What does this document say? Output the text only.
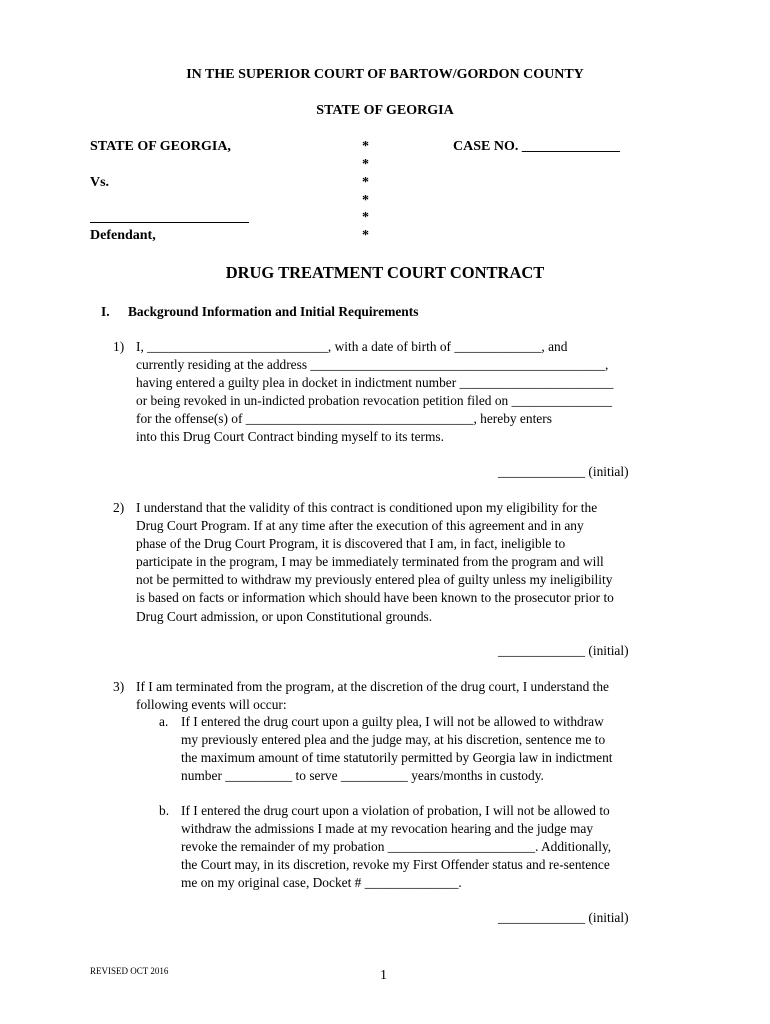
IN THE SUPERIOR COURT OF BARTOW/GORDON COUNTY
STATE OF GEORGIA
STATE OF GEORGIA,
Vs.
Defendant,
CASE NO. ______________
*
*
*
*
*
*
DRUG TREATMENT COURT CONTRACT
I. Background Information and Initial Requirements
1) I, ___________________________, with a date of birth of _____________, and
currently residing at the address ____________________________________________,
having entered a guilty plea in docket in indictment number _______________________
or being revoked in un-indicted probation revocation petition filed on _______________
for the offense(s) of __________________________________, hereby enters
into this Drug Court Contract binding myself to its terms.
_____________ (initial)
2) I understand that the validity of this contract is conditioned upon my eligibility for the
Drug Court Program. If at any time after the execution of this agreement and in any
phase of the Drug Court Program, it is discovered that I am, in fact, ineligible to
participate in the program, I may be immediately terminated from the program and will
not be permitted to withdraw my previously entered plea of guilty unless my ineligibility
is based on facts or information which should have been known to the prosecutor prior to
Drug Court admission, or upon Constitutional grounds.
_____________ (initial)
3) If I am terminated from the program, at the discretion of the drug court, I understand the
following events will occur:
a. If I entered the drug court upon a guilty plea, I will not be allowed to withdraw
my previously entered plea and the judge may, at his discretion, sentence me to
the maximum amount of time statutorily permitted by Georgia law in indictment
number __________ to serve __________ years/months in custody.
b. If I entered the drug court upon a violation of probation, I will not be allowed to
withdraw the admissions I made at my revocation hearing and the judge may
revoke the remainder of my probation ______________________. Additionally,
the Court may, in its discretion, revoke my First Offender status and re-sentence
me on my original case, Docket # ______________.
_____________ (initial)
REVISED OCT 2016	1
